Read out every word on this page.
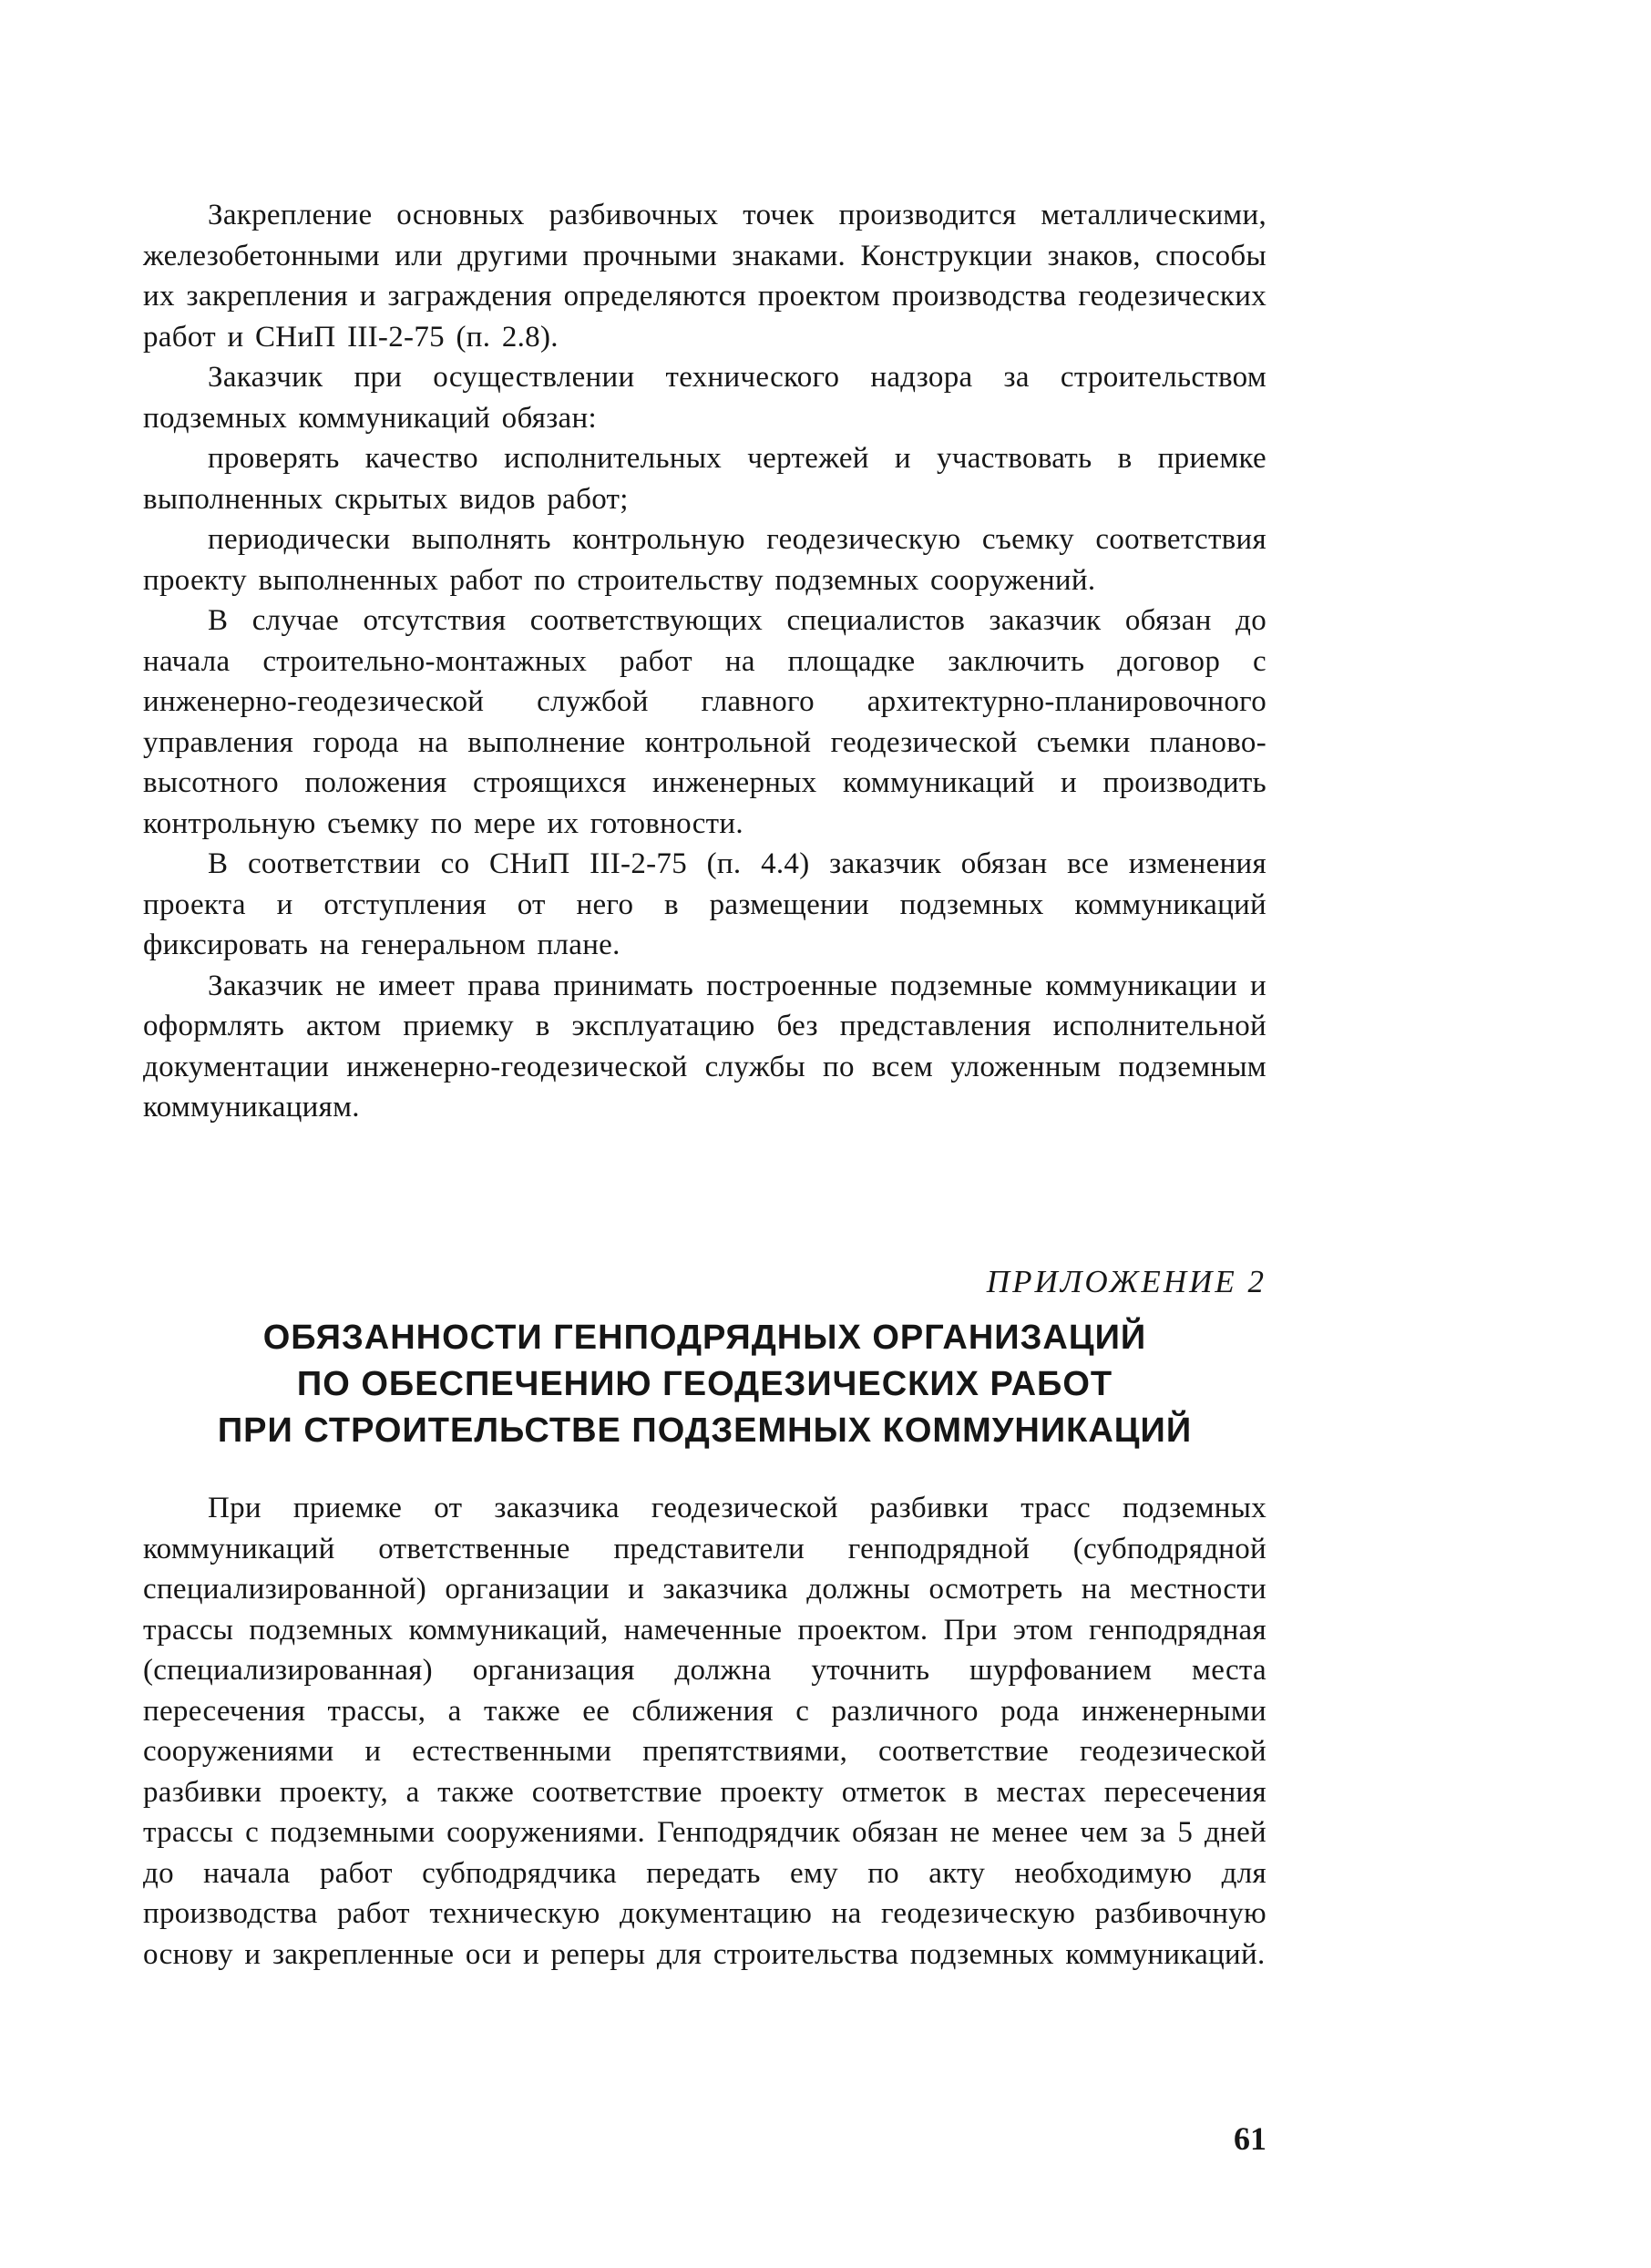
Закрепление основных разбивочных точек производится металлическими, железобетонными или другими прочными знаками. Конструкции знаков, способы их закрепления и заграждения определяются проектом производства геодезических работ и СНиП III-2-75 (п. 2.8).

Заказчик при осуществлении технического надзора за строительством подземных коммуникаций обязан:

проверять качество исполнительных чертежей и участвовать в приемке выполненных скрытых видов работ;

периодически выполнять контрольную геодезическую съемку соответствия проекту выполненных работ по строительству подземных сооружений.

В случае отсутствия соответствующих специалистов заказчик обязан до начала строительно-монтажных работ на площадке заключить договор с инженерно-геодезической службой главного архитектурно-планировочного управления города на выполнение контрольной геодезической съемки планово-высотного положения строящихся инженерных коммуникаций и производить контрольную съемку по мере их готовности.

В соответствии со СНиП III-2-75 (п. 4.4) заказчик обязан все изменения проекта и отступления от него в размещении подземных коммуникаций фиксировать на генеральном плане.

Заказчик не имеет права принимать построенные подземные коммуникации и оформлять актом приемку в эксплуатацию без представления исполнительной документации инженерно-геодезической службы по всем уложенным подземным коммуникациям.

ПРИЛОЖЕНИЕ 2
ОБЯЗАННОСТИ ГЕНПОДРЯДНЫХ ОРГАНИЗАЦИЙ
ПО ОБЕСПЕЧЕНИЮ ГЕОДЕЗИЧЕСКИХ РАБОТ
ПРИ СТРОИТЕЛЬСТВЕ ПОДЗЕМНЫХ КОММУНИКАЦИЙ

При приемке от заказчика геодезической разбивки трасс подземных коммуникаций ответственные представители генподрядной (субподрядной специализированной) организации и заказчика должны осмотреть на местности трассы подземных коммуникаций, намеченные проектом. При этом генподрядная (специализированная) организация должна уточнить шурфованием места пересечения трассы, а также ее сближения с различного рода инженерными сооружениями и естественными препятствиями, соответствие геодезической разбивки проекту, а также соответствие проекту отметок в местах пересечения трассы с подземными сооружениями. Генподрядчик обязан не менее чем за 5 дней до начала работ субподрядчика передать ему по акту необходимую для производства работ техническую документацию на геодезическую разбивочную основу и закрепленные оси и реперы для строительства подземных коммуникаций.

61
